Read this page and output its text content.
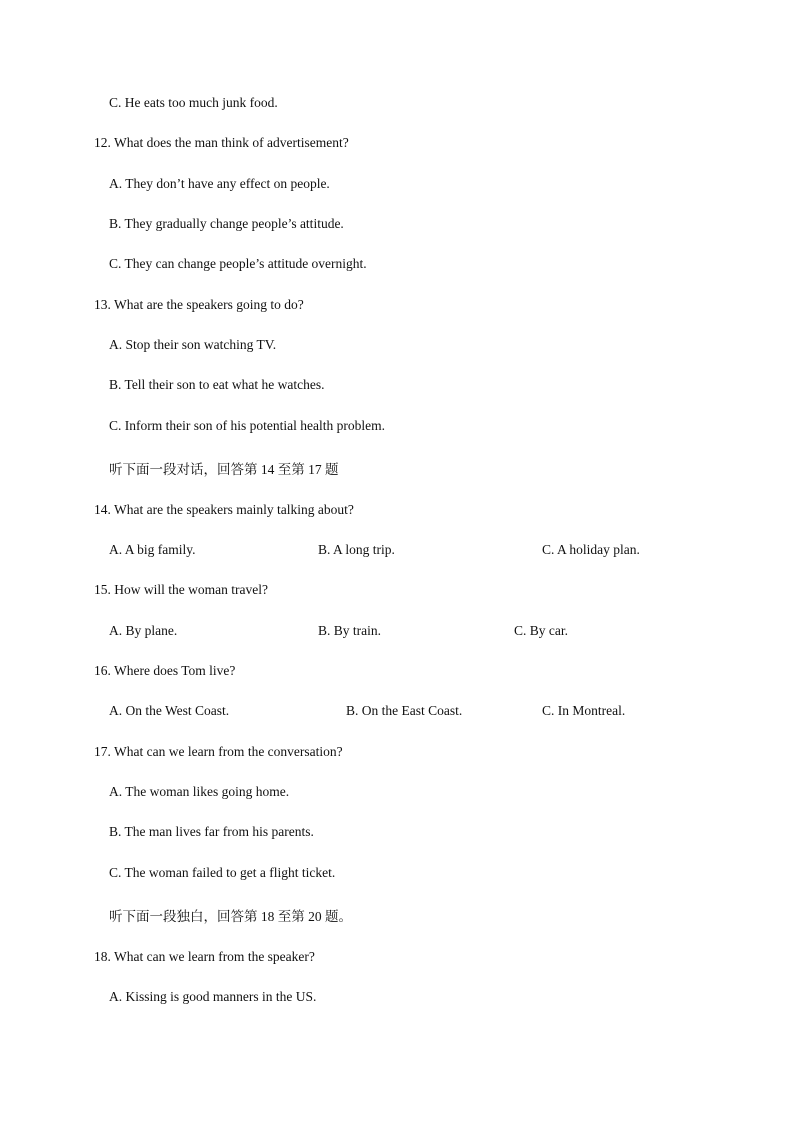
C. He eats too much junk food.
12. What does the man think of advertisement?
A. They don’t have any effect on people.
B. They gradually change people’s attitude.
C. They can change people’s attitude overnight.
13. What are the speakers going to do?
A. Stop their son watching TV.
B. Tell their son to eat what he watches.
C. Inform their son of his potential health problem.
听下面一段对话，回答第 14 至第 17 题
14. What are the speakers mainly talking about?
A. A big family.	B. A long trip.	C. A holiday plan.
15. How will the woman travel?
A. By plane.	B. By train.	C. By car.
16. Where does Tom live?
A. On the West Coast.	B. On the East Coast.	C. In Montreal.
17. What can we learn from the conversation?
A. The woman likes going home.
B. The man lives far from his parents.
C. The woman failed to get a flight ticket.
听下面一段独白，回答第 18 至第 20 题。
18. What can we learn from the speaker?
A. Kissing is good manners in the US.
